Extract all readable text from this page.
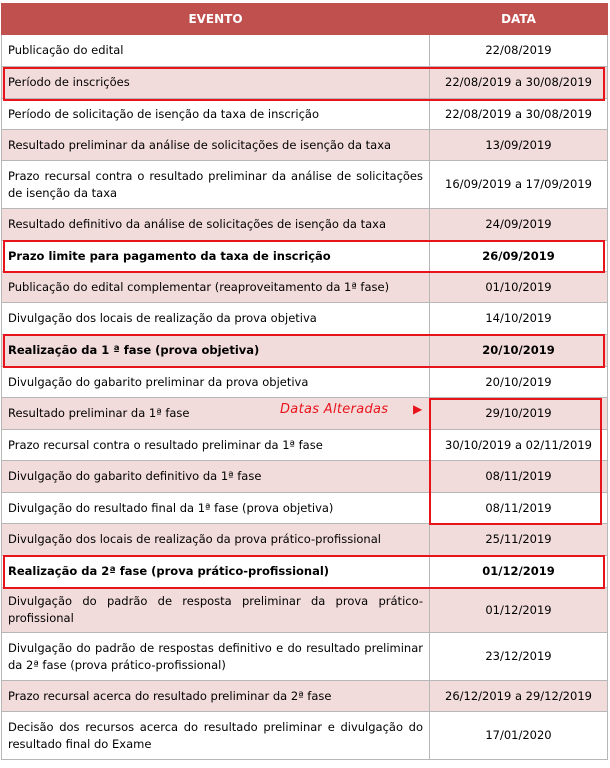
EVENTO	DATA
Publicação do edital	22/08/2019
Período de inscrições	22/08/2019 a 30/08/2019
Período de solicitação de isenção da taxa de inscrição	22/08/2019 a 30/08/2019
Resultado preliminar da análise de solicitações de isenção da taxa	13/09/2019
Prazo recursal contra o resultado preliminar da análise de solicitações de isenção da taxa	16/09/2019 a 17/09/2019
Resultado definitivo da análise de solicitações de isenção da taxa	24/09/2019
Prazo limite para pagamento da taxa de inscrição	26/09/2019
Publicação do edital complementar (reaproveitamento da 1ª fase)	01/10/2019
Divulgação dos locais de realização da prova objetiva	14/10/2019
Realização da 1 ª fase (prova objetiva)	20/10/2019
Divulgação do gabarito preliminar da prova objetiva	20/10/2019
Resultado preliminar da 1ª fase	29/10/2019
Prazo recursal contra o resultado preliminar da 1ª fase	30/10/2019 a 02/11/2019
Divulgação do gabarito definitivo da 1ª fase	08/11/2019
Divulgação do resultado final da 1ª fase (prova objetiva)	08/11/2019
Divulgação dos locais de realização da prova prático-profissional	25/11/2019
Realização da 2ª fase (prova prático-profissional)	01/12/2019
Divulgação do padrão de resposta preliminar da prova prático-profissional	01/12/2019
Divulgação do padrão de respostas definitivo e do resultado preliminar da 2ª fase (prova prático-profissional)	23/12/2019
Prazo recursal acerca do resultado preliminar da 2ª fase	26/12/2019 a 29/12/2019
Decisão dos recursos acerca do resultado preliminar e divulgação do resultado final do Exame	17/01/2020
Datas Alteradas ▶
